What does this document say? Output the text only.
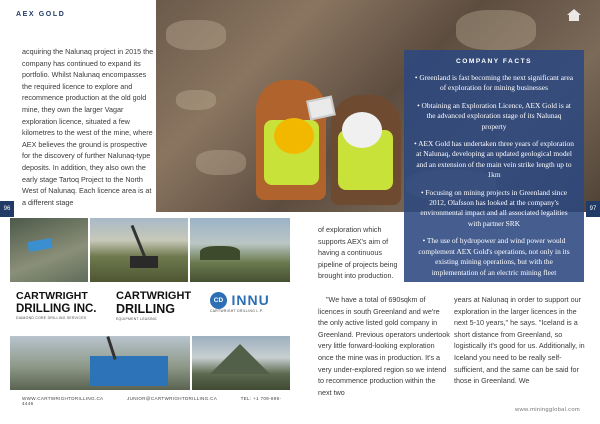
AEX GOLD
acquiring the Nalunaq project in 2015 the company has continued to expand its portfolio. Whilst Nalunaq encompasses the required licence to explore and recommence production at the old gold mine, they own the larger Vagar exploration licence, situated a few kilometres to the west of the mine, where AEX believes the ground is prospective for the discovery of further Nalunaq-type deposits. In addition, they also own the early stage Tartoq Project to the North West of Nalunaq. Each licence area is at a different stage
COMPANY FACTS
• Greenland is fast becoming the next significant area of exploration for mining businesses
• Obtaining an Exploration Licence, AEX Gold is at the advanced exploration stage of its Nalunaq property
• AEX Gold has undertaken three years of exploration at Nalunaq, developing an updated geological model and an extension of the main vein strike length up to 1km
• Focusing on mining projects in Greenland since 2012, Olafsson has looked at the company's environmental impact and all associated legalities with partner SRK
• The use of hydropower and wind power would complement AEX Gold's operations, not only in its existing mining operations, but with the implementation of an electric mining fleet
96	97
CARTWRIGHT
DRILLING INC.
DIAMOND CORE DRILLING SERVICES
CARTWRIGHT
DRILLING
EQUIPMENT LEASING
CD INNU
CARTWRIGHT DRILLING L.P.
WWW.CARTWRIGHTDRILLING.CA	JUNIOR@CARTWRIGHTDRILLING.CA	TEL: +1 709-896-4446
of exploration which supports AEX's aim of having a continuous pipeline of projects being brought into production.
"We have a total of 690sqkm of licences in south Greenland and we're the only active listed gold company in Greenland. Previous operators undertook very little forward-looking exploration once the mine was in production. It's a very under-explored region so we intend to recommence production within the next two
years at Nalunaq in order to support our exploration in the larger licences in the next 5-10 years," he says. "Iceland is a short distance from Greenland, so logistically it's good for us. Additionally, in Iceland you need to be really self-sufficient, and the same can be said for those in Greenland. We
www.miningglobal.com
